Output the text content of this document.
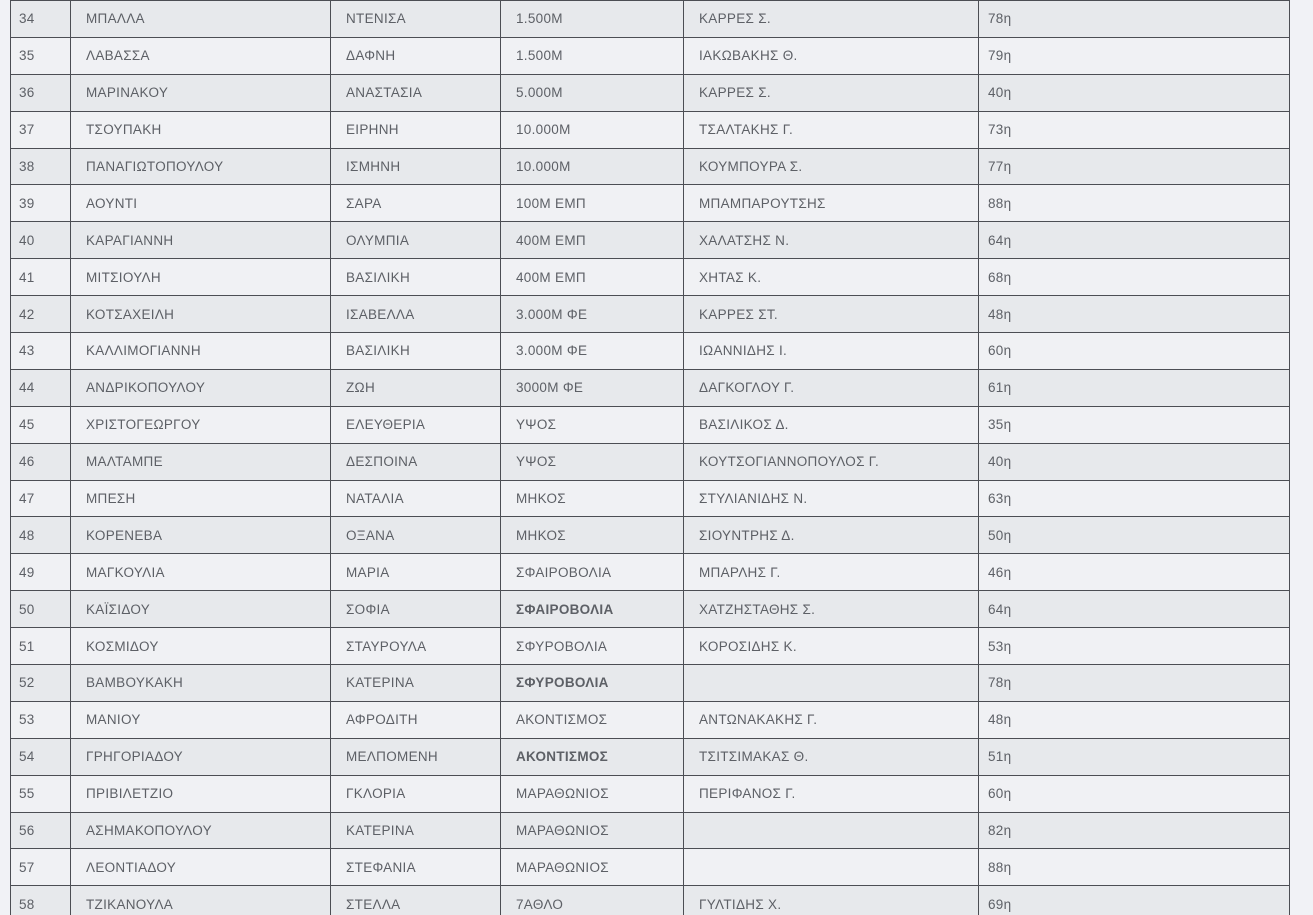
34	ΜΠΑΛΛΑ	ΝΤΕΝΙΣΑ	1.500Μ	ΚΑΡΡΕΣ Σ.	78η
35	ΛΑΒΑΣΣΑ	ΔΑΦΝΗ	1.500Μ	ΙΑΚΩΒΑΚΗΣ Θ.	79η
36	ΜΑΡΙΝΑΚΟΥ	ΑΝΑΣΤΑΣΙΑ	5.000Μ	ΚΑΡΡΕΣ Σ.	40η
37	ΤΣΟΥΠΑΚΗ	ΕΙΡΗΝΗ	10.000Μ	ΤΣΑΛΤΑΚΗΣ Γ.	73η
38	ΠΑΝΑΓΙΩΤΟΠΟΥΛΟΥ	ΙΣΜΗΝΗ	10.000Μ	ΚΟΥΜΠΟΥΡΑ Σ.	77η
39	ΑΟΥΝΤΙ	ΣΑΡΑ	100Μ ΕΜΠ	ΜΠΑΜΠΑΡΟΥΤΣΗΣ	88η
40	ΚΑΡΑΓΙΑΝΝΗ	ΟΛΥΜΠΙΑ	400Μ ΕΜΠ	ΧΑΛΑΤΣΗΣ Ν.	64η
41	ΜΙΤΣΙΟΥΛΗ	ΒΑΣΙΛΙΚΗ	400Μ ΕΜΠ	ΧΗΤΑΣ Κ.	68η
42	ΚΟΤΣΑΧΕΙΛΗ	ΙΣΑΒΕΛΛΑ	3.000Μ ΦΕ	ΚΑΡΡΕΣ ΣΤ.	48η
43	ΚΑΛΛΙΜΟΓΙΑΝΝΗ	ΒΑΣΙΛΙΚΗ	3.000Μ ΦΕ	ΙΩΑΝΝΙΔΗΣ Ι.	60η
44	ΑΝΔΡΙΚΟΠΟΥΛΟΥ	ΖΩΗ	3000Μ ΦΕ	ΔΑΓΚΟΓΛΟΥ Γ.	61η
45	ΧΡΙΣΤΟΓΕΩΡΓΟΥ	ΕΛΕΥΘΕΡΙΑ	ΥΨΟΣ	ΒΑΣΙΛΙΚΟΣ Δ.	35η
46	ΜΑΛΤΑΜΠΕ	ΔΕΣΠΟΙΝΑ	ΥΨΟΣ	ΚΟΥΤΣΟΓΙΑΝΝΟΠΟΥΛΟΣ Γ.	40η
47	ΜΠΕΣΗ	ΝΑΤΑΛΙΑ	ΜΗΚΟΣ	ΣΤΥΛΙΑΝΙΔΗΣ Ν.	63η
48	ΚΟΡΕΝΕΒΑ	ΟΞΑΝΑ	ΜΗΚΟΣ	ΣΙΟΥΝΤΡΗΣ Δ.	50η
49	ΜΑΓΚΟΥΛΙΑ	ΜΑΡΙΑ	ΣΦΑΙΡΟΒΟΛΙΑ	ΜΠΑΡΛΗΣ Γ.	46η
50	ΚΑΪΣΙΔΟΥ	ΣΟΦΙΑ	ΣΦΑΙΡΟΒΟΛΙΑ	ΧΑΤΖΗΣΤΑΘΗΣ Σ.	64η
51	ΚΟΣΜΙΔΟΥ	ΣΤΑΥΡΟΥΛΑ	ΣΦΥΡΟΒΟΛΙΑ	ΚΟΡΟΣΙΔΗΣ Κ.	53η
52	ΒΑΜΒΟΥΚΑΚΗ	ΚΑΤΕΡΙΝΑ	ΣΦΥΡΟΒΟΛΙΑ		78η
53	ΜΑΝΙΟΥ	ΑΦΡΟΔΙΤΗ	ΑΚΟΝΤΙΣΜΟΣ	ΑΝΤΩΝΑΚΑΚΗΣ Γ.	48η
54	ΓΡΗΓΟΡΙΑΔΟΥ	ΜΕΛΠΟΜΕΝΗ	ΑΚΟΝΤΙΣΜΟΣ	ΤΣΙΤΣΙΜΑΚΑΣ Θ.	51η
55	ΠΡΙΒΙΛΕΤΖΙΟ	ΓΚΛΟΡΙΑ	ΜΑΡΑΘΩΝΙΟΣ	ΠΕΡΙΦΑΝΟΣ Γ.	60η
56	ΑΣΗΜΑΚΟΠΟΥΛΟΥ	ΚΑΤΕΡΙΝΑ	ΜΑΡΑΘΩΝΙΟΣ		82η
57	ΛΕΟΝΤΙΑΔΟΥ	ΣΤΕΦΑΝΙΑ	ΜΑΡΑΘΩΝΙΟΣ		88η
58	ΤΖΙΚΑΝΟΥΛΑ	ΣΤΕΛΛΑ	7ΑΘΛΟ	ΓΥΛΤΙΔΗΣ Χ.	69η
